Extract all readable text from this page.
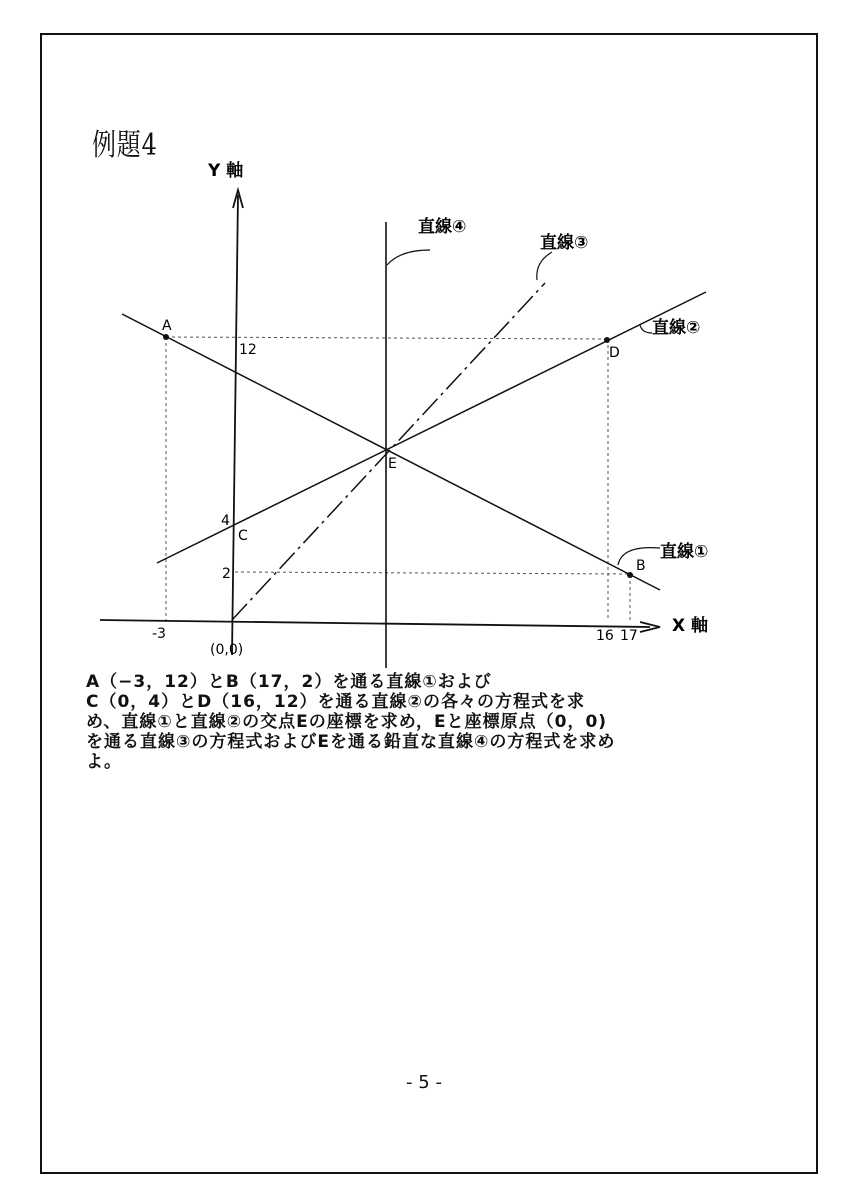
例題4
Y 軸
X 軸
(0,0)
直線④
直線③
直線②
直線①
A
B
C
D
E
12
4
2
-3	16 17
A（−3，12）とB（17，2）を通る直線①および
C（0，4）とD（16，12）を通る直線②の各々の方程式を求
め、直線①と直線②の交点Eの座標を求め，Eと座標原点（0，0)
を通る直線③の方程式およびEを通る鉛直な直線④の方程式を求め
よ。
- 5 -
